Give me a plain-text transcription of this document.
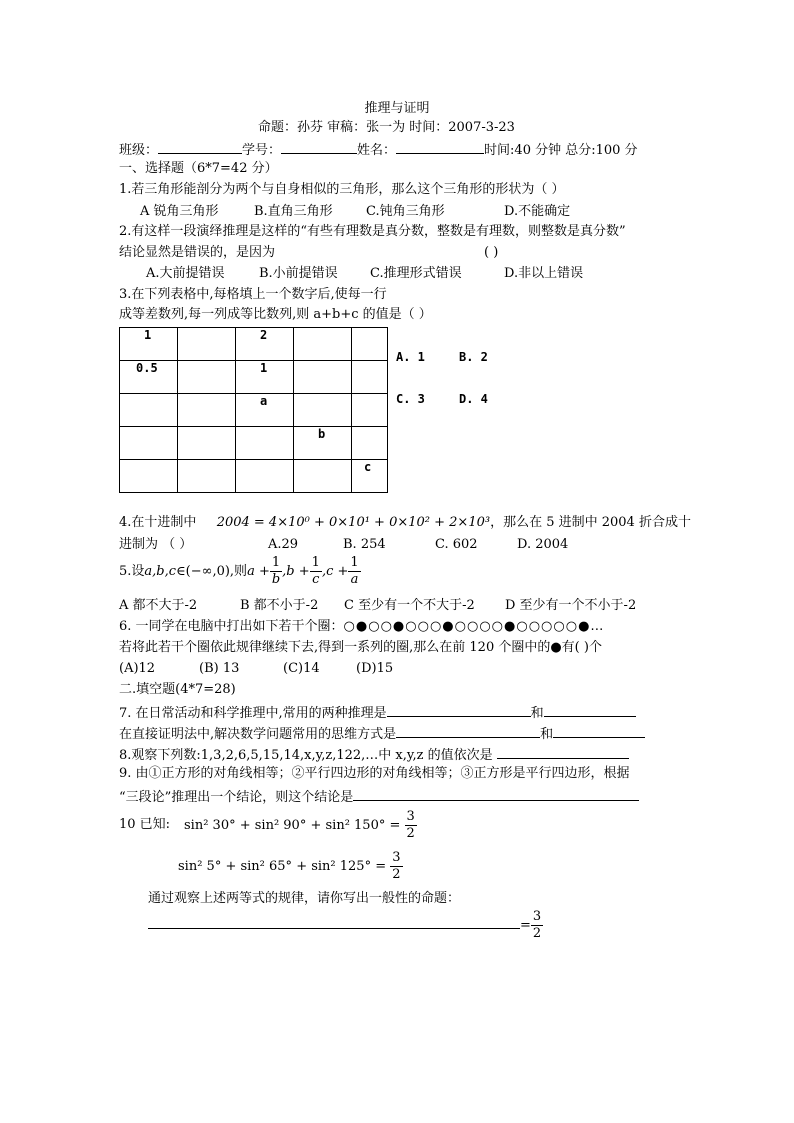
推理与证明
命题：孙芬 审稿：张一为 时间：2007-3-23
班级：	学号：	姓名：	时间:40 分钟 总分:100 分
一、选择题（6*7=42 分）
1.若三角形能剖分为两个与自身相似的三角形，那么这个三角形的形状为（ ）
A 锐角三角形	B.直角三角形	C.钝角三角形	D.不能确定
2.有这样一段演绎推理是这样的“有些有理数是真分数，整数是有理数，则整数是真分数”
结论显然是错误的，是因为	( )
A.大前提错误	B.小前提错误 C.推理形式错误	D.非以上错误
3.在下列表格中,每格填上一个数字后,使每一行
成等差数列,每一列成等比数列,则 a+b+c 的值是（ ）
1		2		
0.5		1		
		a		
			b	
				c
A. 1	B. 2
C. 3	D. 4
4.在十进制中 2004 = 4×10⁰ + 0×10¹ + 0×10² + 2×10³，那么在 5 进制中 2004 折合成十
进制为 （ ）	A.29	B. 254	C. 602	D. 2004
5.设a,b,c∈(−∞,0),则$a + \frac{1}{b} ,b + \frac{1}{c} ,c + \frac{1}{a}$
A 都不大于-2	B 都不小于-2 C 至少有一个不大于-2 D 至少有一个不小于-2
6. 一同学在电脑中打出如下若干个圈：○●○○●○○○●○○○○●○○○○○●…
若将此若干个圈依此规律继续下去,得到一系列的圈,那么在前 120 个圈中的●有( )个
(A)12	(B) 13	(C)14	(D)15
二.填空题(4*7=28)
7. 在日常活动和科学推理中,常用的两种推理是	和
在直接证明法中,解决数学问题常用的思维方式是	和
8.观察下列数:1,3,2,6,5,15,14,x,y,z,122,…中 x,y,z 的值依次是
9. 由①正方形的对角线相等；②平行四边形的对角线相等；③正方形是平行四边形，根据
“三段论”推理出一个结论，则这个结论是
10 已知: sin² 30° + sin² 90° + sin² $150^\circ = \frac{3}{2}$
sin² 5° + sin² 65° + sin² $125^\circ = \frac{3}{2}$
通过观察上述两等式的规律，请你写出一般性的命题：
= $\frac{3}{2}$
